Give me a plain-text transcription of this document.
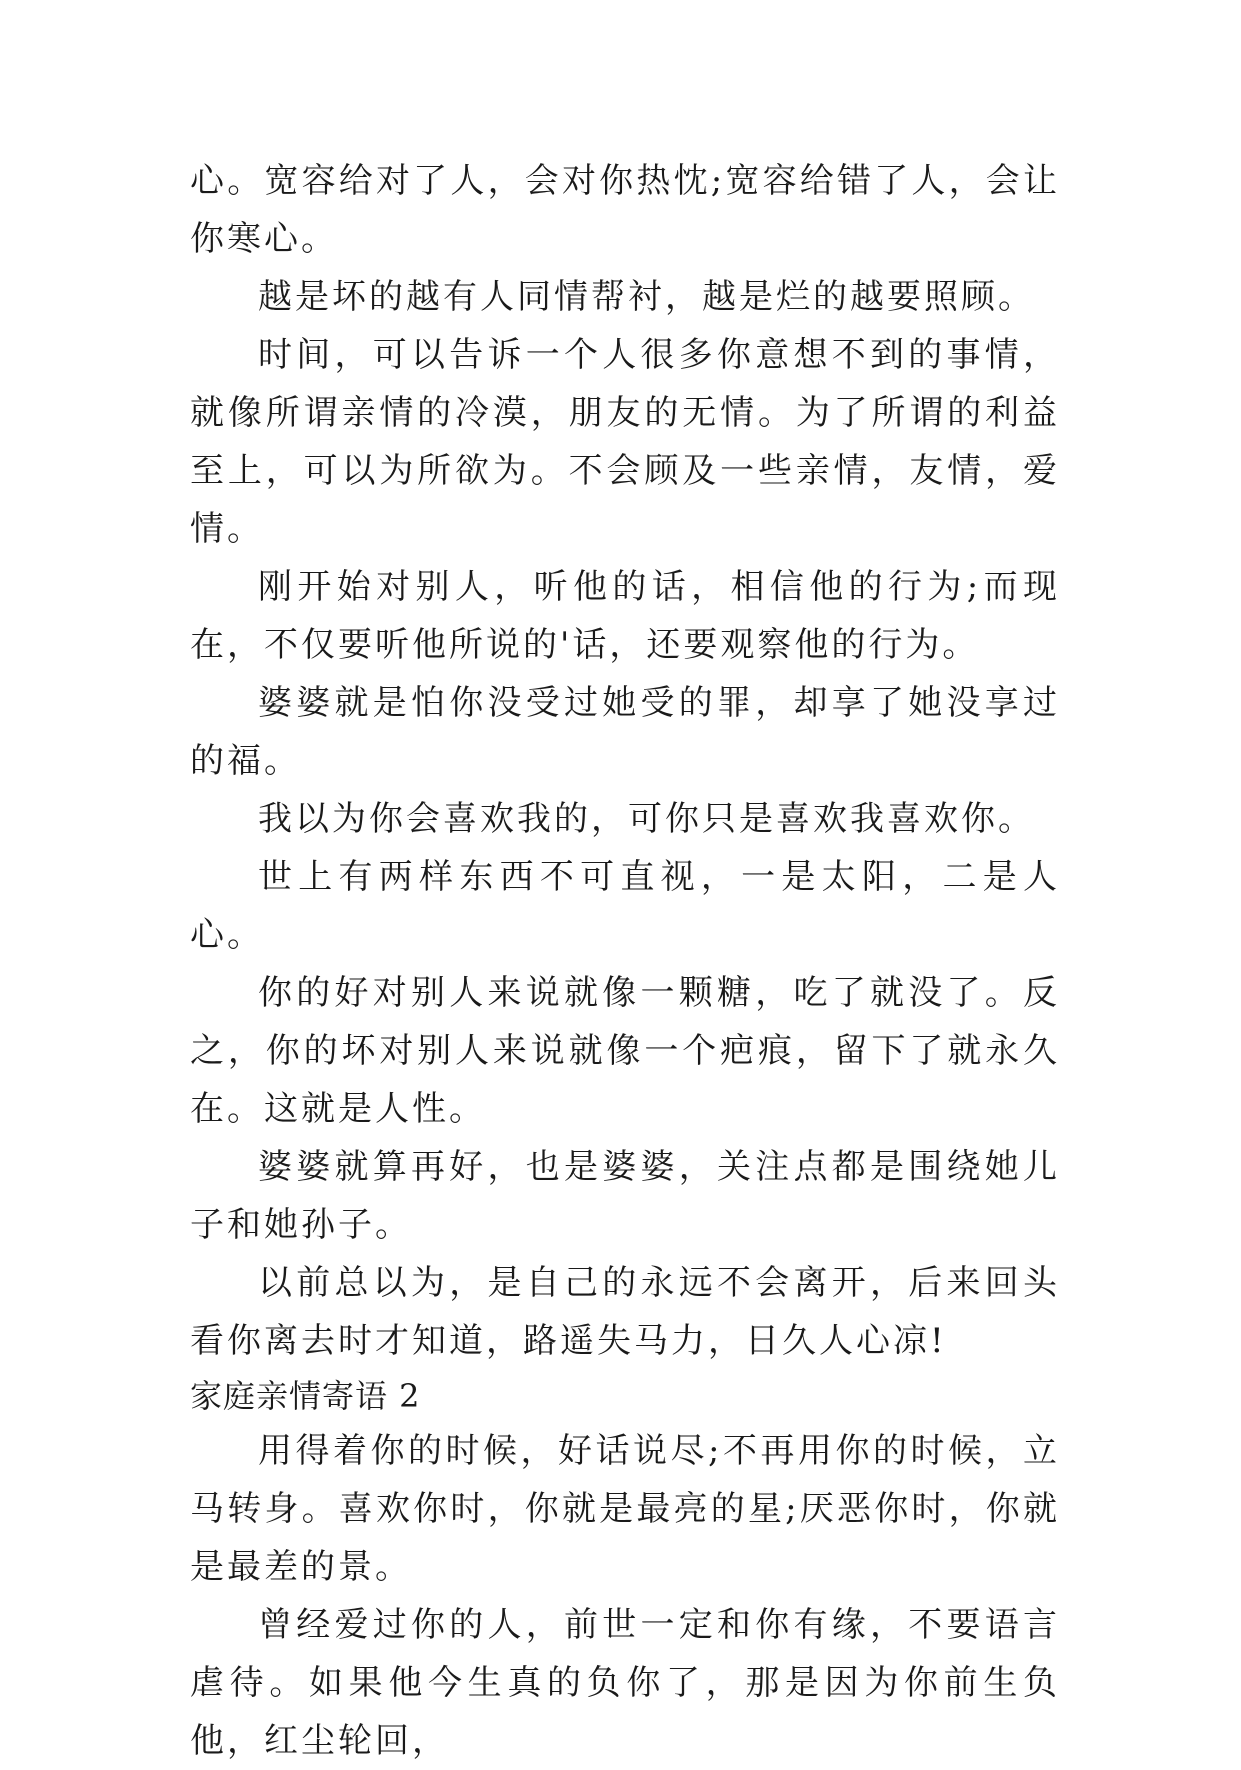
心。宽容给对了人，会对你热忱;宽容给错了人，会让你寒心。

越是坏的越有人同情帮衬，越是烂的越要照顾。

时间，可以告诉一个人很多你意想不到的事情，就像所谓亲情的冷漠，朋友的无情。为了所谓的利益至上，可以为所欲为。不会顾及一些亲情，友情，爱情。

刚开始对别人，听他的话，相信他的行为;而现在，不仅要听他所说的'话，还要观察他的行为。

婆婆就是怕你没受过她受的罪，却享了她没享过的福。

我以为你会喜欢我的，可你只是喜欢我喜欢你。

世上有两样东西不可直视，一是太阳，二是人心。

你的好对别人来说就像一颗糖，吃了就没了。反之，你的坏对别人来说就像一个疤痕，留下了就永久在。这就是人性。

婆婆就算再好，也是婆婆，关注点都是围绕她儿子和她孙子。

以前总以为，是自己的永远不会离开，后来回头看你离去时才知道，路遥失马力，日久人心凉!

家庭亲情寄语 2

用得着你的时候，好话说尽;不再用你的时候，立马转身。喜欢你时，你就是最亮的星;厌恶你时，你就是最差的景。

曾经爱过你的人，前世一定和你有缘，不要语言虐待。如果他今生真的负你了，那是因为你前生负他，红尘轮回，
